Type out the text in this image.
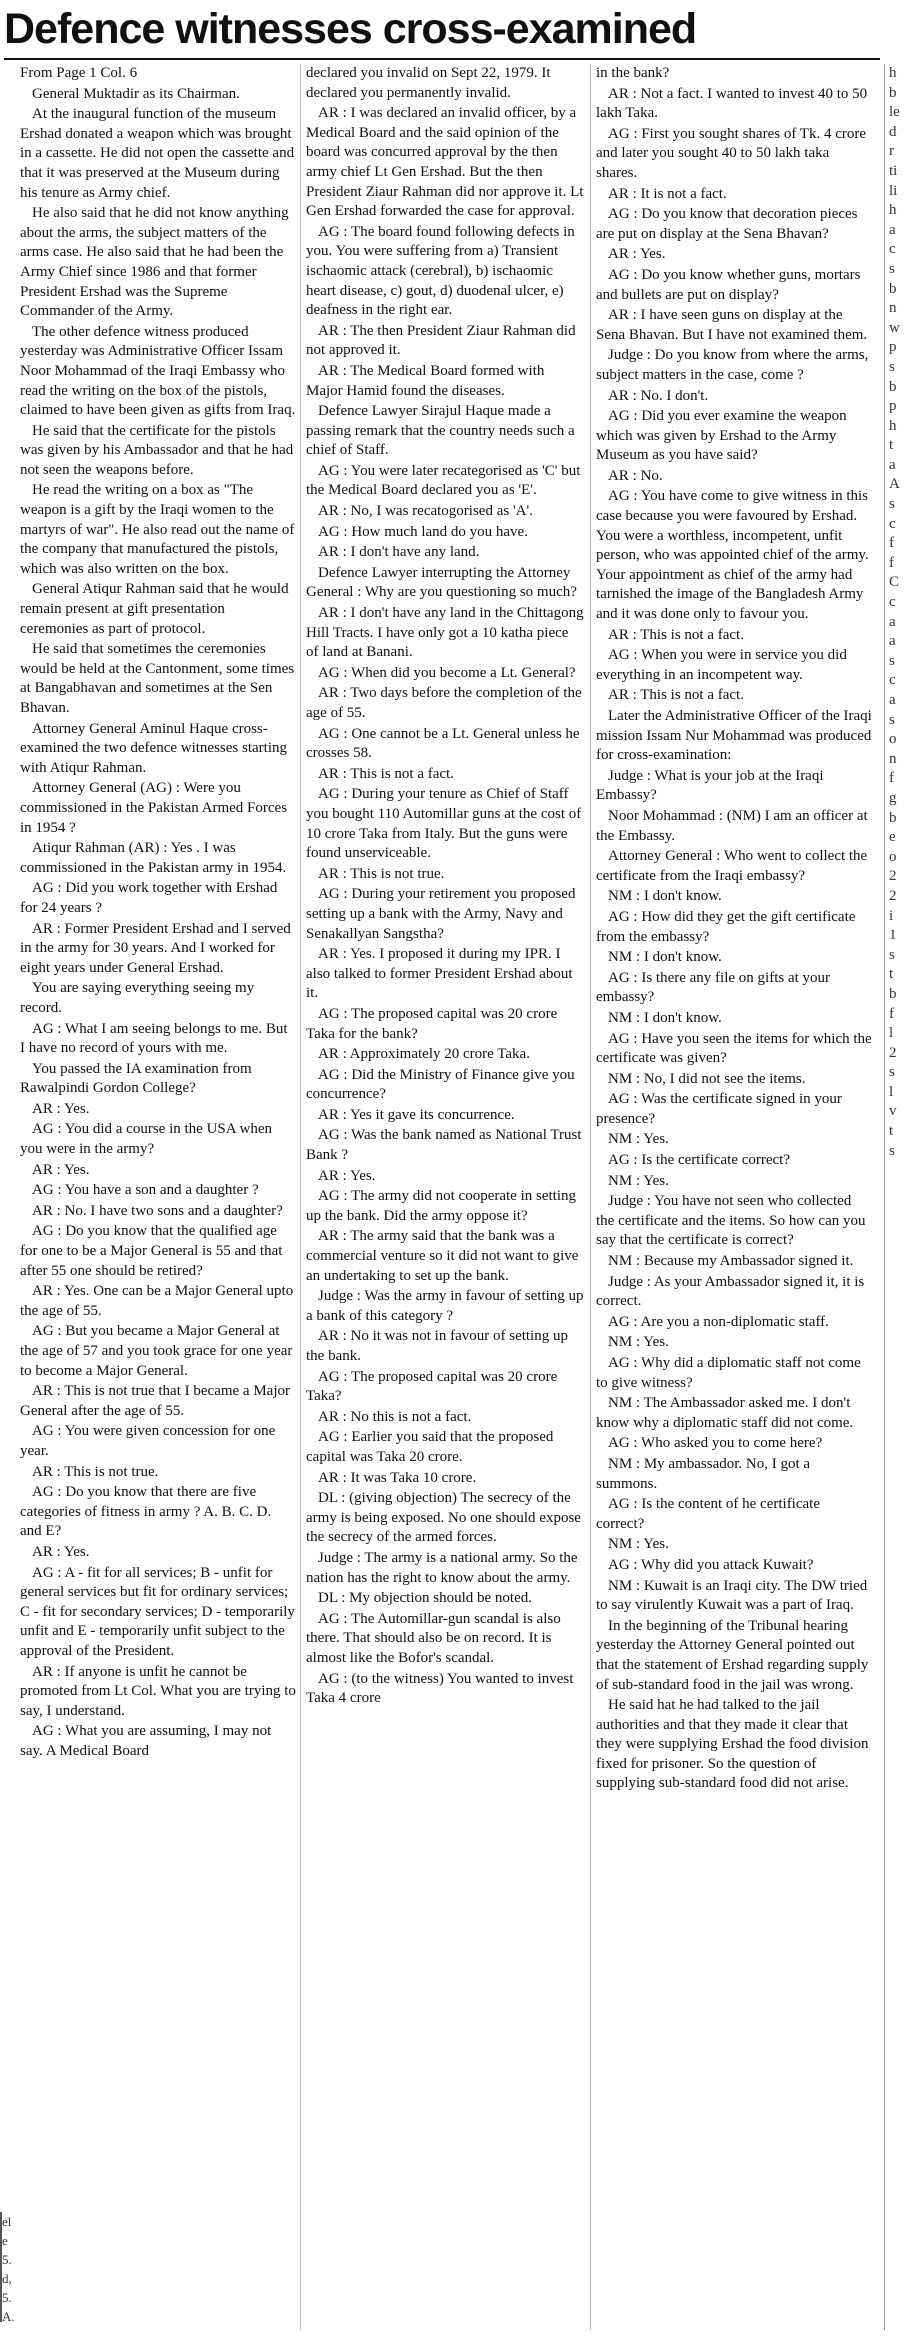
Defence witnesses cross-examined

From Page 1 Col. 6

General Muktadir as its Chairman.

At the inaugural function of the museum Ershad donated a weapon which was brought in a cassette. He did not open the cassette and that it was preserved at the Museum during his tenure as Army chief.

He also said that he did not know anything about the arms, the subject matters of the arms case. He also said that he had been the Army Chief since 1986 and that former President Ershad was the Supreme Commander of the Army.

The other defence witness produced yesterday was Administrative Officer Issam Noor Mohammad of the Iraqi Embassy who read the writing on the box of the pistols, claimed to have been given as gifts from Iraq.

He said that the certificate for the pistols was given by his Ambassador and that he had not seen the weapons before.

He read the writing on a box as "The weapon is a gift by the Iraqi women to the martyrs of war". He also read out the name of the company that manufactured the pistols, which was also written on the box.

General Atiqur Rahman said that he would remain present at gift presentation ceremonies as part of protocol.

He said that sometimes the ceremonies would be held at the Cantonment, some times at Bangabhavan and sometimes at the Sen Bhavan.

Attorney General Aminul Haque cross-examined the two defence witnesses starting with Atiqur Rahman.

Attorney General (AG) : Were you commissioned in the Pakistan Armed Forces in 1954 ?

Atiqur Rahman (AR) : Yes . I was commissioned in the Pakistan army in 1954.

AG : Did you work together with Ershad for 24 years ?

AR : Former President Ershad and I served in the army for 30 years. And I worked for eight years under General Ershad.

You are saying everything seeing my record.

AG : What I am seeing belongs to me. But I have no record of yours with me.

You passed the IA examination from Rawalpindi Gordon College?

AR : Yes.

AG : You did a course in the USA when you were in the army?

AR : Yes.

AG : You have a son and a daughter ?

AR : No. I have two sons and a daughter?

AG : Do you know that the qualified age for one to be a Major General is 55 and that after 55 one should be retired?

AR : Yes. One can be a Major General upto the age of 55.

AG : But you became a Major General at the age of 57 and you took grace for one year to become a Major General.

AR : This is not true that I became a Major General after the age of 55.

AG : You were given concession for one year.

AR : This is not true.

AG : Do you know that there are five categories of fitness in army ? A. B. C. D. and E?

AR : Yes.

AG : A - fit for all services; B - unfit for general services but fit for ordinary services; C - fit for secondary services; D - temporarily unfit and E - temporarily unfit subject to the approval of the President.

AR : If anyone is unfit he cannot be promoted from Lt Col. What you are trying to say, I understand.

AG : What you are assuming, I may not say. A Medical Board

declared you invalid on Sept 22, 1979. It declared you permanently invalid.

AR : I was declared an invalid officer, by a Medical Board and the said opinion of the board was concurred approval by the then army chief Lt Gen Ershad. But the then President Ziaur Rahman did nor approve it. Lt Gen Ershad forwarded the case for approval.

AG : The board found following defects in you. You were suffering from a) Transient ischaomic attack (cerebral), b) ischaomic heart disease, c) gout, d) duodenal ulcer, e) deafness in the right ear.

AR : The then President Ziaur Rahman did not approved it.

AR : The Medical Board formed with Major Hamid found the diseases.

Defence Lawyer Sirajul Haque made a passing remark that the country needs such a chief of Staff.

AG : You were later recategorised as 'C' but the Medical Board declared you as 'E'.

AR : No, I was recatogorised as 'A'.

AG : How much land do you have.

AR : I don't have any land.

Defence Lawyer interrupting the Attorney General : Why are you questioning so much?

AR : I don't have any land in the Chittagong Hill Tracts. I have only got a 10 katha piece of land at Banani.

AG : When did you become a Lt. General?

AR : Two days before the completion of the age of 55.

AG : One cannot be a Lt. General unless he crosses 58.

AR : This is not a fact.

AG : During your tenure as Chief of Staff you bought 110 Automillar guns at the cost of 10 crore Taka from Italy. But the guns were found unserviceable.

AR : This is not true.

AG : During your retirement you proposed setting up a bank with the Army, Navy and Senakallyan Sangstha?

AR : Yes. I proposed it during my IPR. I also talked to former President Ershad about it.

AG : The proposed capital was 20 crore Taka for the bank?

AR : Approximately 20 crore Taka.

AG : Did the Ministry of Finance give you concurrence?

AR : Yes it gave its concurrence.

AG : Was the bank named as National Trust Bank ?

AR : Yes.

AG : The army did not cooperate in setting up the bank. Did the army oppose it?

AR : The army said that the bank was a commercial venture so it did not want to give an undertaking to set up the bank.

Judge : Was the army in favour of setting up a bank of this category ?

AR : No it was not in favour of setting up the bank.

AG : The proposed capital was 20 crore Taka?

AR : No this is not a fact.

AG : Earlier you said that the proposed capital was Taka 20 crore.

AR : It was Taka 10 crore.

DL : (giving objection) The secrecy of the army is being exposed. No one should expose the secrecy of the armed forces.

Judge : The army is a national army. So the nation has the right to know about the army.

DL : My objection should be noted.

AG : The Automillar-gun scandal is also there. That should also be on record. It is almost like the Bofor's scandal.

AG : (to the witness) You wanted to invest Taka 4 crore

in the bank?

AR : Not a fact. I wanted to invest 40 to 50 lakh Taka.

AG : First you sought shares of Tk. 4 crore and later you sought 40 to 50 lakh taka shares.

AR : It is not a fact.

AG : Do you know that decoration pieces are put on display at the Sena Bhavan?

AR : Yes.

AG : Do you know whether guns, mortars and bullets are put on display?

AR : I have seen guns on display at the Sena Bhavan. But I have not examined them.

Judge : Do you know from where the arms, subject matters in the case, come ?

AR : No. I don't.

AG : Did you ever examine the weapon which was given by Ershad to the Army Museum as you have said?

AR : No.

AG : You have come to give witness in this case because you were favoured by Ershad. You were a worthless, incompetent, unfit person, who was appointed chief of the army. Your appointment as chief of the army had tarnished the image of the Bangladesh Army and it was done only to favour you.

AR : This is not a fact.

AG : When you were in service you did everything in an incompetent way.

AR : This is not a fact.

Later the Administrative Officer of the Iraqi mission Issam Nur Mohammad was produced for cross-examination:

Judge : What is your job at the Iraqi Embassy?

Noor Mohammad : (NM) I am an officer at the Embassy.

Attorney General : Who went to collect the certificate from the Iraqi embassy?

NM : I don't know.

AG : How did they get the gift certificate from the embassy?

NM : I don't know.

AG : Is there any file on gifts at your embassy?

NM : I don't know.

AG : Have you seen the items for which the certificate was given?

NM : No, I did not see the items.

AG : Was the certificate signed in your presence?

NM : Yes.

AG : Is the certificate correct?

NM : Yes.

Judge : You have not seen who collected the certificate and the items. So how can you say that the certificate is correct?

NM : Because my Ambassador signed it.

Judge : As your Ambassador signed it, it is correct.

AG : Are you a non-diplomatic staff.

NM : Yes.

AG : Why did a diplomatic staff not come to give witness?

NM : The Ambassador asked me. I don't know why a diplomatic staff did not come.

AG : Who asked you to come here?

NM : My ambassador. No, I got a summons.

AG : Is the content of he certificate correct?

NM : Yes.

AG : Why did you attack Kuwait?

NM : Kuwait is an Iraqi city. The DW tried to say virulently Kuwait was a part of Iraq.

In the beginning of the Tribunal hearing yesterday the Attorney General pointed out that the statement of Ershad regarding supply of sub-standard food in the jail was wrong.

He said hat he had talked to the jail authorities and that they made it clear that they were supplying Ershad the food division fixed for prisoner. So the question of supplying sub-standard food did not arise.

h
b
le
d
r
ti
li
h
a
c
s
b
n
w
p
s
b
p
h
t
a
A
s
c
f
f
C
c
a
a
s
c
a
s
o
n
f
g
b
e
o
2
2
i
1
s
t
b
f
l
2
s
l
v
t
s
el
e
5.
d,
5.
A.
